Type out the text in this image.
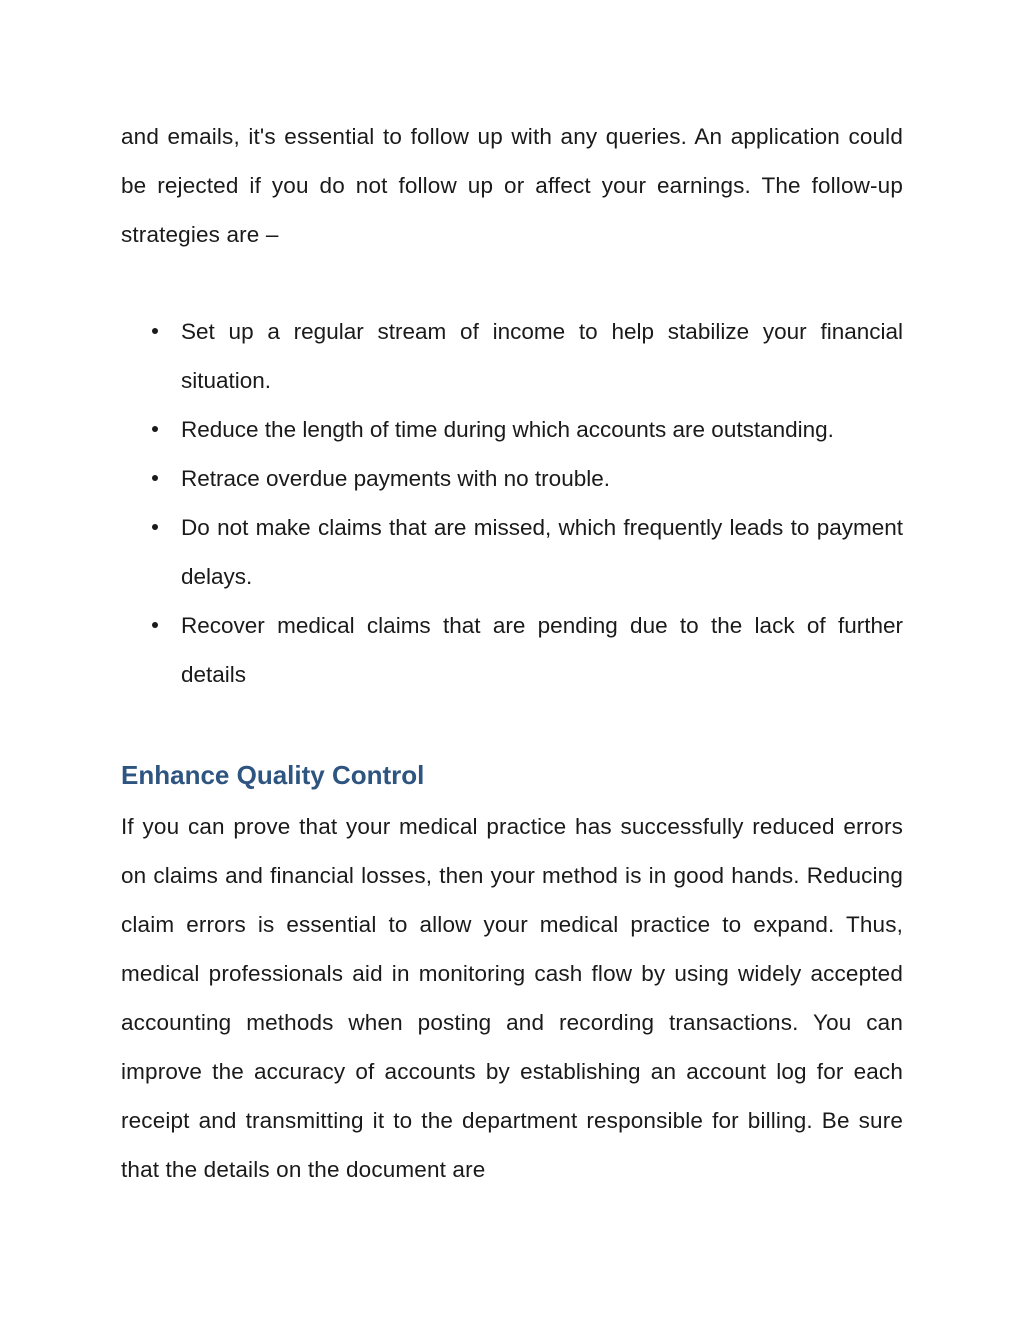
and emails, it's essential to follow up with any queries. An application could be rejected if you do not follow up or affect your earnings. The follow-up strategies are –

Set up a regular stream of income to help stabilize your financial situation.
Reduce the length of time during which accounts are outstanding.
Retrace overdue payments with no trouble.
Do not make claims that are missed, which frequently leads to payment delays.
Recover medical claims that are pending due to the lack of further details
Enhance Quality Control

If you can prove that your medical practice has successfully reduced errors on claims and financial losses, then your method is in good hands. Reducing claim errors is essential to allow your medical practice to expand. Thus, medical professionals aid in monitoring cash flow by using widely accepted accounting methods when posting and recording transactions. You can improve the accuracy of accounts by establishing an account log for each receipt and transmitting it to the department responsible for billing. Be sure that the details on the document are
